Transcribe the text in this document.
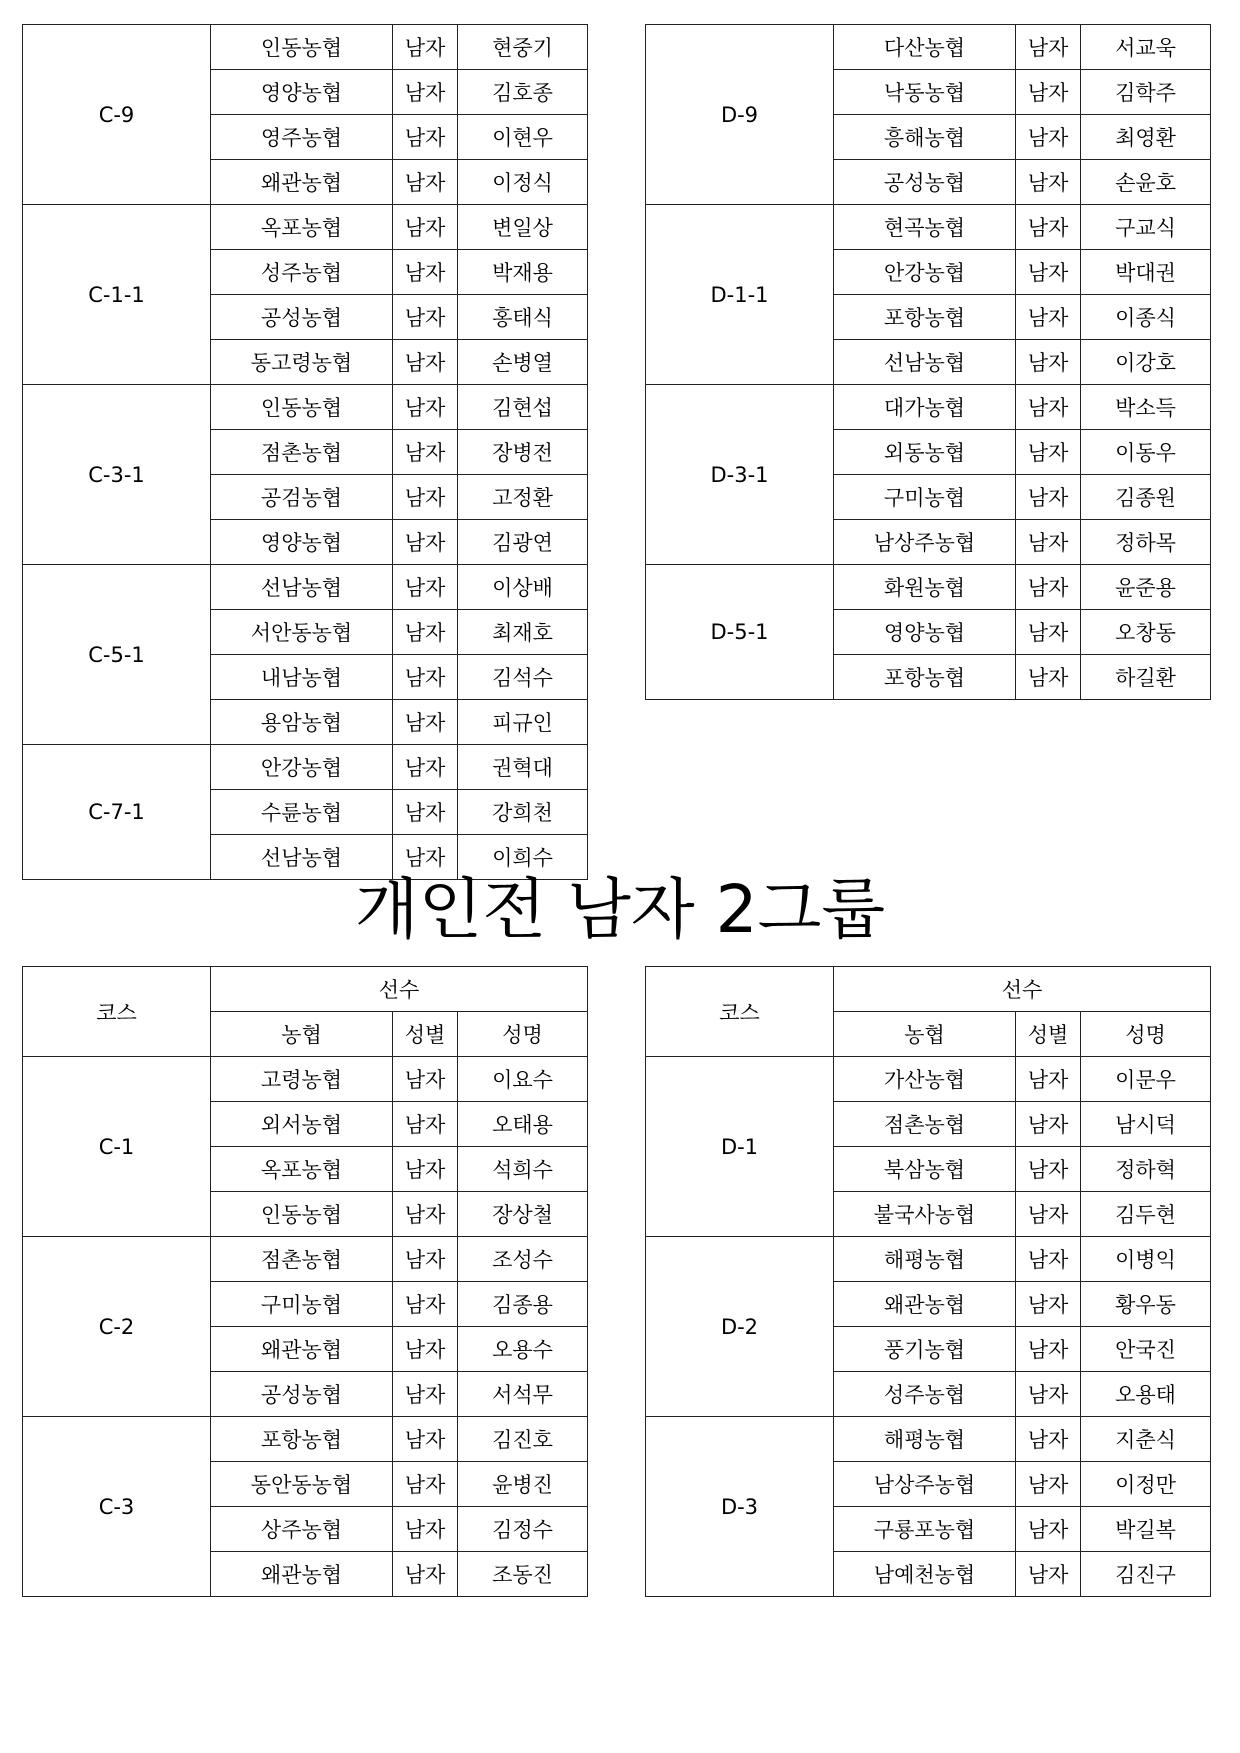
C-9	인동농협	남자	현중기
	영양농협	남자	김호종
	영주농협	남자	이현우
	왜관농협	남자	이정식
C-1-1	옥포농협	남자	변일상
	성주농협	남자	박재용
	공성농협	남자	홍태식
	동고령농협	남자	손병열
C-3-1	인동농협	남자	김현섭
	점촌농협	남자	장병전
	공검농협	남자	고정환
	영양농협	남자	김광연
C-5-1	선남농협	남자	이상배
	서안동농협	남자	최재호
	내남농협	남자	김석수
	용암농협	남자	피규인
C-7-1	안강농협	남자	권혁대
	수륜농협	남자	강희천
	선남농협	남자	이희수
D-9	다산농협	남자	서교욱
	낙동농협	남자	김학주
	흥해농협	남자	최영환
	공성농협	남자	손윤호
D-1-1	현곡농협	남자	구교식
	안강농협	남자	박대권
	포항농협	남자	이종식
	선남농협	남자	이강호
D-3-1	대가농협	남자	박소득
	외동농협	남자	이동우
	구미농협	남자	김종원
	남상주농협	남자	정하목
D-5-1	화원농협	남자	윤준용
	영양농협	남자	오창동
	포항농협	남자	하길환
개인전 남자 2그룹
코스	선수		
	농협	성별	성명
C-1	고령농협	남자	이요수
	외서농협	남자	오태용
	옥포농협	남자	석희수
	인동농협	남자	장상철
C-2	점촌농협	남자	조성수
	구미농협	남자	김종용
	왜관농협	남자	오용수
	공성농협	남자	서석무
C-3	포항농협	남자	김진호
	동안동농협	남자	윤병진
	상주농협	남자	김정수
	왜관농협	남자	조동진
코스	선수		
	농협	성별	성명
D-1	가산농협	남자	이문우
	점촌농협	남자	남시덕
	북삼농협	남자	정하혁
	불국사농협	남자	김두현
D-2	해평농협	남자	이병익
	왜관농협	남자	황우동
	풍기농협	남자	안국진
	성주농협	남자	오용태
D-3	해평농협	남자	지춘식
	남상주농협	남자	이정만
	구룡포농협	남자	박길복
	남예천농협	남자	김진구
